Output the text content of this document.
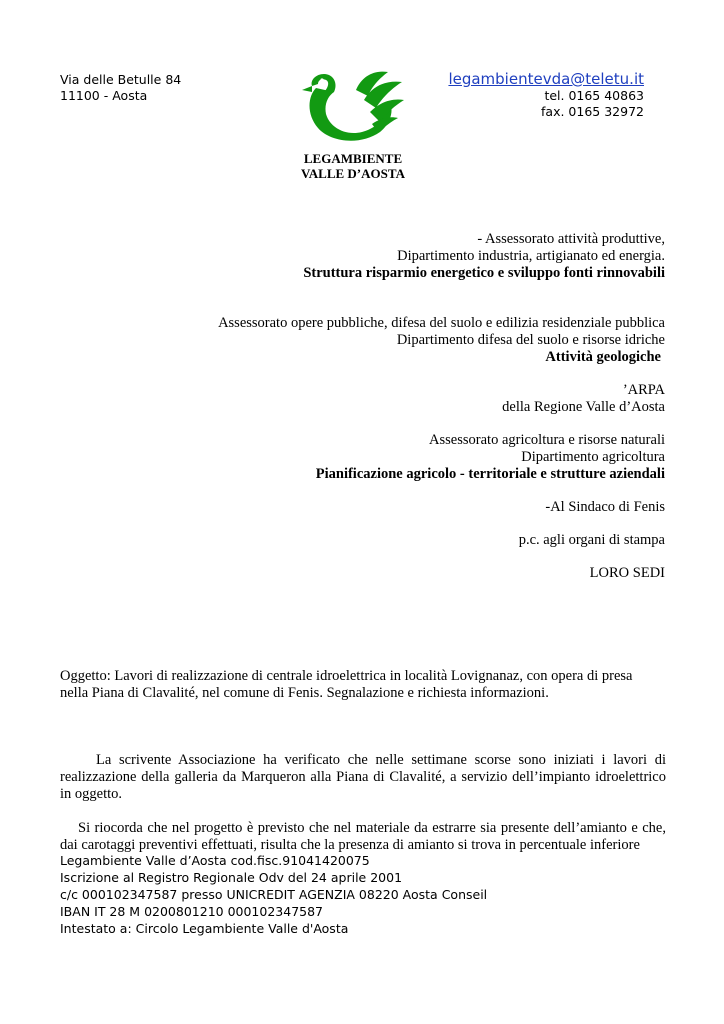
Via delle Betulle 84
11100 - Aosta
LEGAMBIENTE
VALLE D’AOSTA
legambientevda@teletu.it
tel. 0165 40863
fax. 0165 32972
- Assessorato attività produttive,
Dipartimento industria, artigianato ed energia.
Struttura risparmio energetico e sviluppo fonti rinnovabili
Assessorato opere pubbliche, difesa del suolo e edilizia residenziale pubblica
Dipartimento difesa del suolo e risorse idriche
Attività geologiche
’ARPA
della Regione Valle d’Aosta
Assessorato agricoltura e risorse naturali
Dipartimento agricoltura
Pianificazione agricolo - territoriale e strutture aziendali
-Al Sindaco di Fenis
p.c. agli organi di stampa
LORO SEDI
Oggetto: Lavori di realizzazione di centrale idroelettrica in località Lovignanaz, con opera di presa
nella Piana di Clavalité, nel comune di Fenis. Segnalazione e richiesta informazioni.
La scrivente Associazione ha verificato che nelle settimane scorse sono iniziati i lavori di realizzazione della galleria da Marqueron alla Piana di Clavalité, a servizio dell’impianto idroelettrico in oggetto.
Si riocorda che nel progetto è previsto che nel materiale da estrarre sia presente dell’amianto e che, dai carotaggi preventivi effettuati, risulta che la presenza di amianto si trova in percentuale inferiore
Legambiente Valle d’Aosta cod.fisc.91041420075
Iscrizione al Registro Regionale Odv del 24 aprile 2001
c/c 000102347587 presso UNICREDIT AGENZIA 08220 Aosta Conseil
IBAN IT 28 M 0200801210 000102347587
Intestato a: Circolo Legambiente Valle d'Aosta
